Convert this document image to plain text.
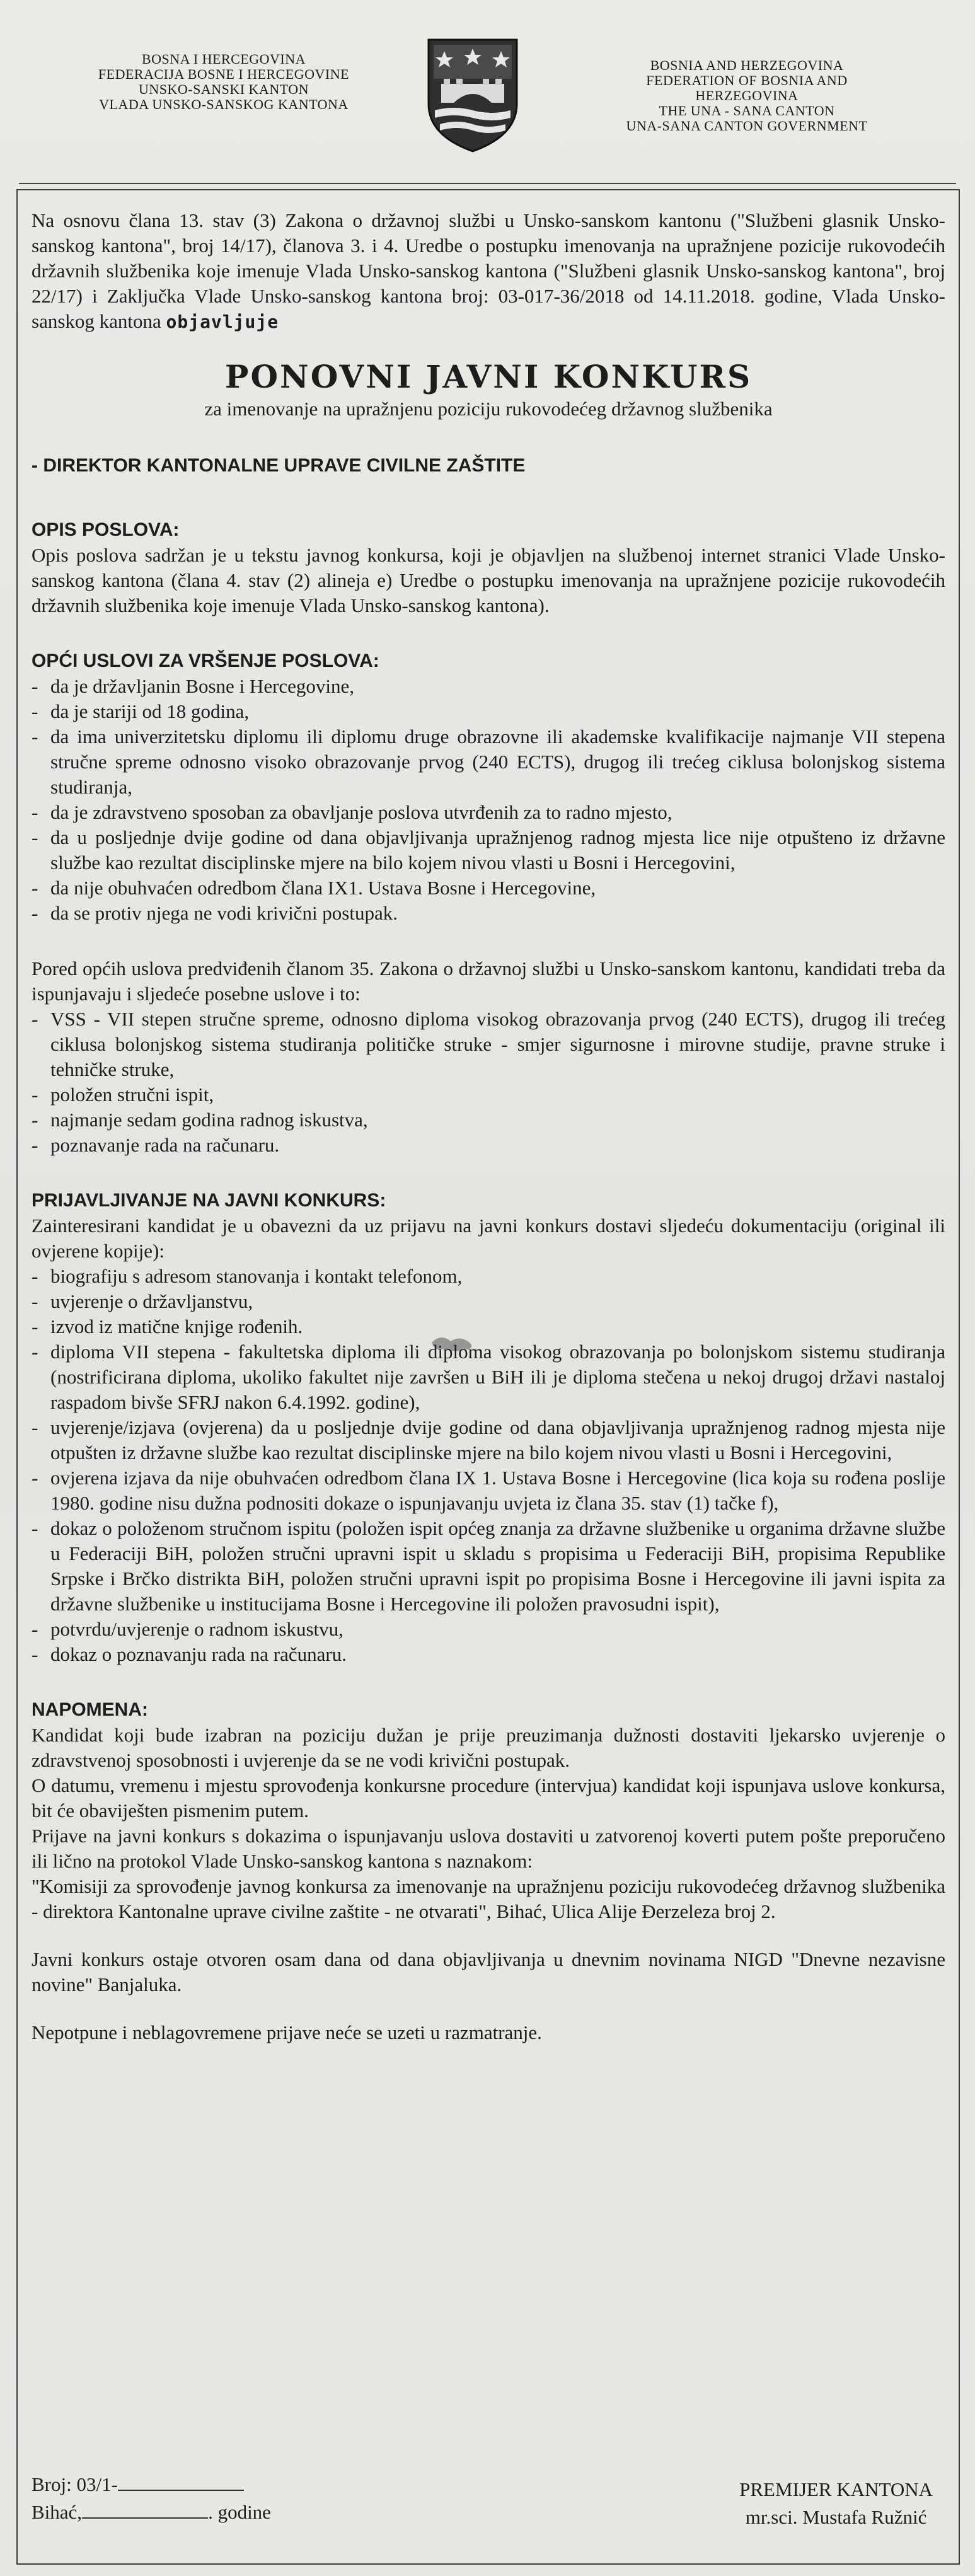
BOSNA I HERCEGOVINA
FEDERACIJA BOSNE I HERCEGOVINE
UNSKO-SANSKI KANTON
VLADA UNSKO-SANSKOG KANTONA
BOSNIA AND HERZEGOVINA
FEDERATION OF BOSNIA AND HERZEGOVINA
THE UNA - SANA CANTON
UNA-SANA CANTON GOVERNMENT

Na osnovu člana 13. stav (3) Zakona o državnoj službi u Unsko-sanskom kantonu ("Službeni glasnik Unsko-sanskog kantona", broj 14/17), članova 3. i 4. Uredbe o postupku imenovanja na upražnjene pozicije rukovodećih državnih službenika koje imenuje Vlada Unsko-sanskog kantona ("Službeni glasnik Unsko-sanskog kantona", broj 22/17) i Zaključka Vlade Unsko-sanskog kantona broj: 03-017-36/2018 od 14.11.2018. godine, Vlada Unsko-sanskog kantona objavljuje

PONOVNI JAVNI KONKURS

za imenovanje na upražnjenu poziciju rukovodećeg državnog službenika

- DIREKTOR KANTONALNE UPRAVE CIVILNE ZAŠTITE

OPIS POSLOVA:

Opis poslova sadržan je u tekstu javnog konkursa, koji je objavljen na službenoj internet stranici Vlade Unsko-sanskog kantona (člana 4. stav (2) alineja e) Uredbe o postupku imenovanja na upražnjene pozicije rukovodećih državnih službenika koje imenuje Vlada Unsko-sanskog kantona).

OPĆI USLOVI ZA VRŠENJE POSLOVA:

- da je državljanin Bosne i Hercegovine,
- da je stariji od 18 godina,
- da ima univerzitetsku diplomu ili diplomu druge obrazovne ili akademske kvalifikacije najmanje VII stepena stručne spreme odnosno visoko obrazovanje prvog (240 ECTS), drugog ili trećeg ciklusa bolonjskog sistema studiranja,
- da je zdravstveno sposoban za obavljanje poslova utvrđenih za to radno mjesto,
- da u posljednje dvije godine od dana objavljivanja upražnjenog radnog mjesta lice nije otpušteno iz državne službe kao rezultat disciplinske mjere na bilo kojem nivou vlasti u Bosni i Hercegovini,
- da nije obuhvaćen odredbom člana IX1. Ustava Bosne i Hercegovine,
- da se protiv njega ne vodi krivični postupak.

Pored općih uslova predviđenih članom 35. Zakona o državnoj službi u Unsko-sanskom kantonu, kandidati treba da ispunjavaju i sljedeće posebne uslove i to:

- VSS - VII stepen stručne spreme, odnosno diploma visokog obrazovanja prvog (240 ECTS), drugog ili trećeg ciklusa bolonjskog sistema studiranja političke struke - smjer sigurnosne i mirovne studije, pravne struke i tehničke struke,
- položen stručni ispit,
- najmanje sedam godina radnog iskustva,
- poznavanje rada na računaru.

PRIJAVLJIVANJE NA JAVNI KONKURS:

Zainteresirani kandidat je u obavezni da uz prijavu na javni konkurs dostavi sljedeću dokumentaciju (original ili ovjerene kopije):

- biografiju s adresom stanovanja i kontakt telefonom,
- uvjerenje o državljanstvu,
- izvod iz matične knjige rođenih.
- diploma VII stepena - fakultetska diploma ili diploma visokog obrazovanja po bolonjskom sistemu studiranja (nostrificirana diploma, ukoliko fakultet nije završen u BiH ili je diploma stečena u nekoj drugoj državi nastaloj raspadom bivše SFRJ nakon 6.4.1992. godine),
- uvjerenje/izjava (ovjerena) da u posljednje dvije godine od dana objavljivanja upražnjenog radnog mjesta nije otpušten iz državne službe kao rezultat disciplinske mjere na bilo kojem nivou vlasti u Bosni i Hercegovini,
- ovjerena izjava da nije obuhvaćen odredbom člana IX 1. Ustava Bosne i Hercegovine (lica koja su rođena poslije 1980. godine nisu dužna podnositi dokaze o ispunjavanju uvjeta iz člana 35. stav (1) tačke f),
- dokaz o položenom stručnom ispitu (položen ispit općeg znanja za državne službenike u organima državne službe u Federaciji BiH, položen stručni upravni ispit u skladu s propisima u Federaciji BiH, propisima Republike Srpske i Brčko distrikta BiH, položen stručni upravni ispit po propisima Bosne i Hercegovine ili javni ispita za državne službenike u institucijama Bosne i Hercegovine ili položen pravosudni ispit),
- potvrdu/uvjerenje o radnom iskustvu,
- dokaz o poznavanju rada na računaru.

NAPOMENA:

Kandidat koji bude izabran na poziciju dužan je prije preuzimanja dužnosti dostaviti ljekarsko uvjerenje o zdravstvenoj sposobnosti i uvjerenje da se ne vodi krivični postupak.

O datumu, vremenu i mjestu sprovođenja konkursne procedure (intervjua) kandidat koji ispunjava uslove konkursa, bit će obaviješten pismenim putem.

Prijave na javni konkurs s dokazima o ispunjavanju uslova dostaviti u zatvorenoj koverti putem pošte preporučeno ili lično na protokol Vlade Unsko-sanskog kantona s naznakom:

"Komisiji za sprovođenje javnog konkursa za imenovanje na upražnjenu poziciju rukovodećeg državnog službenika - direktora Kantonalne uprave civilne zaštite - ne otvarati", Bihać, Ulica Alije Đerzeleza broj 2.

Javni konkurs ostaje otvoren osam dana od dana objavljivanja u dnevnim novinama NIGD "Dnevne nezavisne novine" Banjaluka.

Nepotpune i neblagovremene prijave neće se uzeti u razmatranje.

Broj: 03/1-
Bihać,	. godine
PREMIJER KANTONA
mr.sci. Mustafa Ružnić
